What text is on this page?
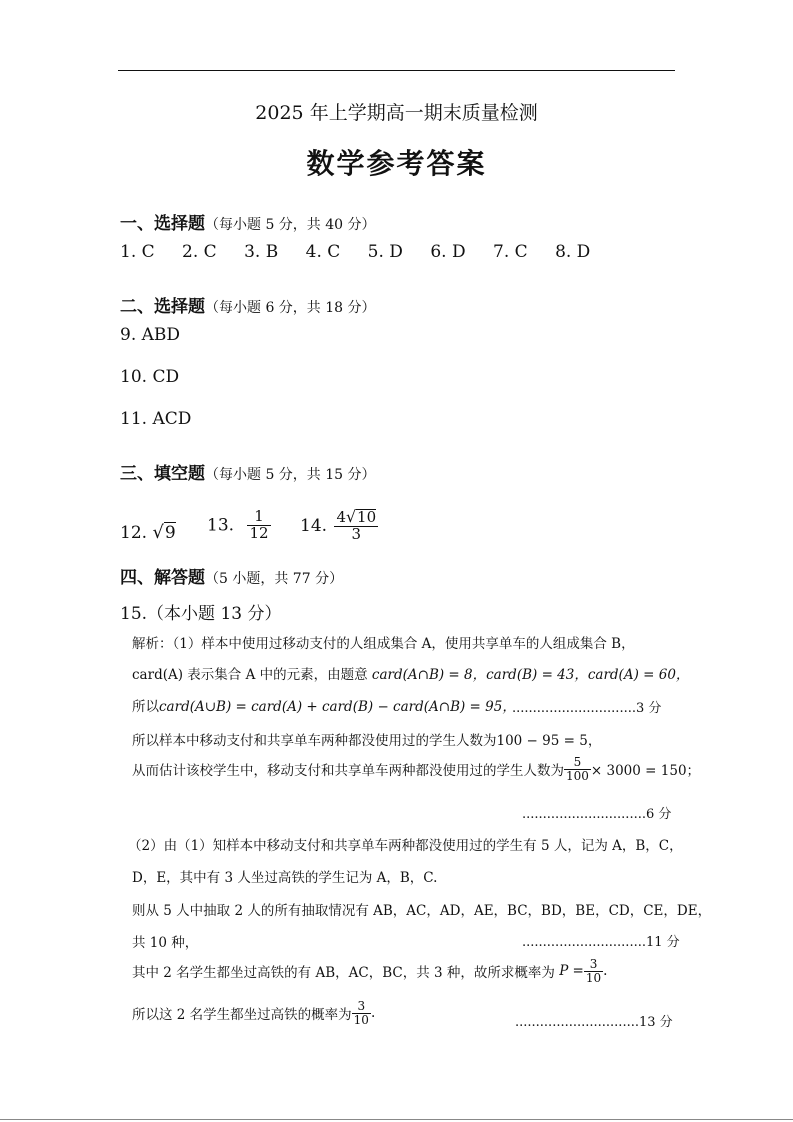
2025 年上学期高一期末质量检测
数学参考答案
一、选择题（每小题 5 分，共 40 分）
1. C 2. C 3. B 4. C 5. D 6. D 7. C 8. D
二、选择题（每小题 6 分，共 18 分）
9. ABD
10. CD
11. ACD
三、填空题（每小题 5 分，共 15 分）
12. √9 13. $\frac{1}{12} 14$. $\frac{4√10}{3}$
四、解答题（5 小题，共 77 分）
15.（本小题 13 分）
解析：（1）样本中使用过移动支付的人组成集合 A，使用共享单车的人组成集合 B，
card(A) 表示集合 A 中的元素，由题意 card(A∩B) = 8，card(B) = 43，card(A) = 60，
所以card(A∪B) = card(A) + card(B) − card(A∩B) = 95，
..............................3 分
所以样本中移动支付和共享单车两种都没使用过的学生人数为100 − 95 = 5，
从而估计该校学生中，移动支付和共享单车两种都没使用过的学生人数为 $\frac{5}{100} \times 3000 = 150$；
..............................6 分
（2）由（1）知样本中移动支付和共享单车两种都没使用过的学生有 5 人，记为 A，B，C，
D，E，其中有 3 人坐过高铁的学生记为 A，B，C.
则从 5 人中抽取 2 人的所有抽取情况有 AB，AC，AD，AE，BC，BD，BE，CD，CE，DE，
共 10 种，	..............................11 分
其中 2 名学生都坐过高铁的有 AB，AC，BC，共 3 种，故所求概率为 $P = \frac{3}{10}$ .
所以这 2 名学生都坐过高铁的概率为 $\frac{3}{10}$ .
..............................13 分
